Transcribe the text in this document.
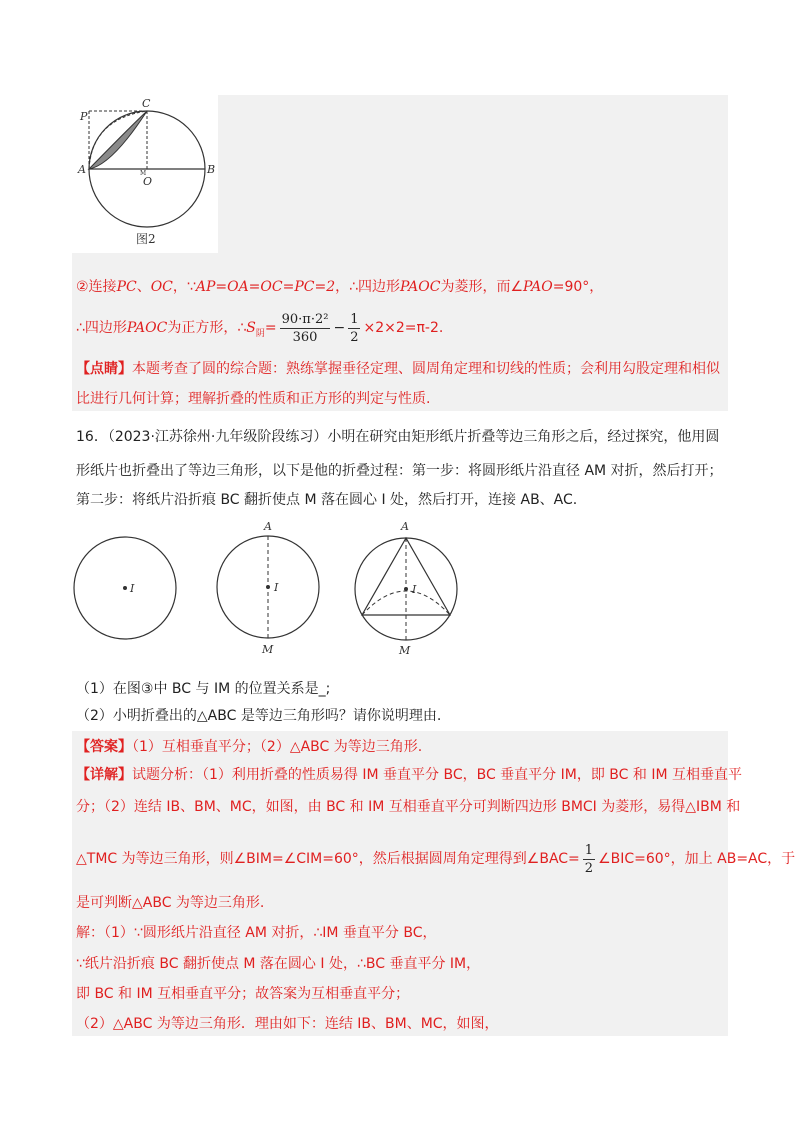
M
P
C
A
O
B
图2
②连接PC、OC，∵AP=OA=OC=PC=2，∴四边形PAOC为菱形，而∠PAO=90°，
∴四边形PAOC为正方形，$\therefore S_阴= \frac{\text{90·π·2²}}{360} - \frac{1}{2} \times 2\times 2=\pi-2$.
【点睛】本题考查了圆的综合题：熟练掌握垂径定理、圆周角定理和切线的性质；会利用勾股定理和相似
比进行几何计算；理解折叠的性质和正方形的判定与性质.
16．（2023·江苏徐州·九年级阶段练习）小明在研究由矩形纸片折叠等边三角形之后，经过探究，他用圆
形纸片也折叠出了等边三角形，以下是他的折叠过程：第一步：将圆形纸片沿直径 AM 对折，然后打开；
第二步：将纸片沿折痕 BC 翻折使点 M 落在圆心 I 处，然后打开，连接 AB、AC.
I
A
I
M
A
I
M
（1）在图③中 BC 与 IM 的位置关系是_;
（2）小明折叠出的△ABC 是等边三角形吗？请你说明理由.
【答案】（1）互相垂直平分；（2）△ABC 为等边三角形.
【详解】试题分析：（1）利用折叠的性质易得 IM 垂直平分 BC，BC 垂直平分 IM，即 BC 和 IM 互相垂直平
分；（2）连结 IB、BM、MC，如图，由 BC 和 IM 互相垂直平分可判断四边形 BMCI 为菱形，易得△IBM 和
△TMC 为等边三角形，则∠BIM=∠CIM=60°，然后根据圆周角定理得到∠BAC= $\frac{1}{2}$ ∠BIC=60°，加上 AB=AC，于
是可判断△ABC 为等边三角形.
解：（1）∵圆形纸片沿直径 AM 对折，∴IM 垂直平分 BC，
∵纸片沿折痕 BC 翻折使点 M 落在圆心 I 处，∴BC 垂直平分 IM，
即 BC 和 IM 互相垂直平分；故答案为互相垂直平分；
（2）△ABC 为等边三角形．理由如下：连结 IB、BM、MC，如图，
